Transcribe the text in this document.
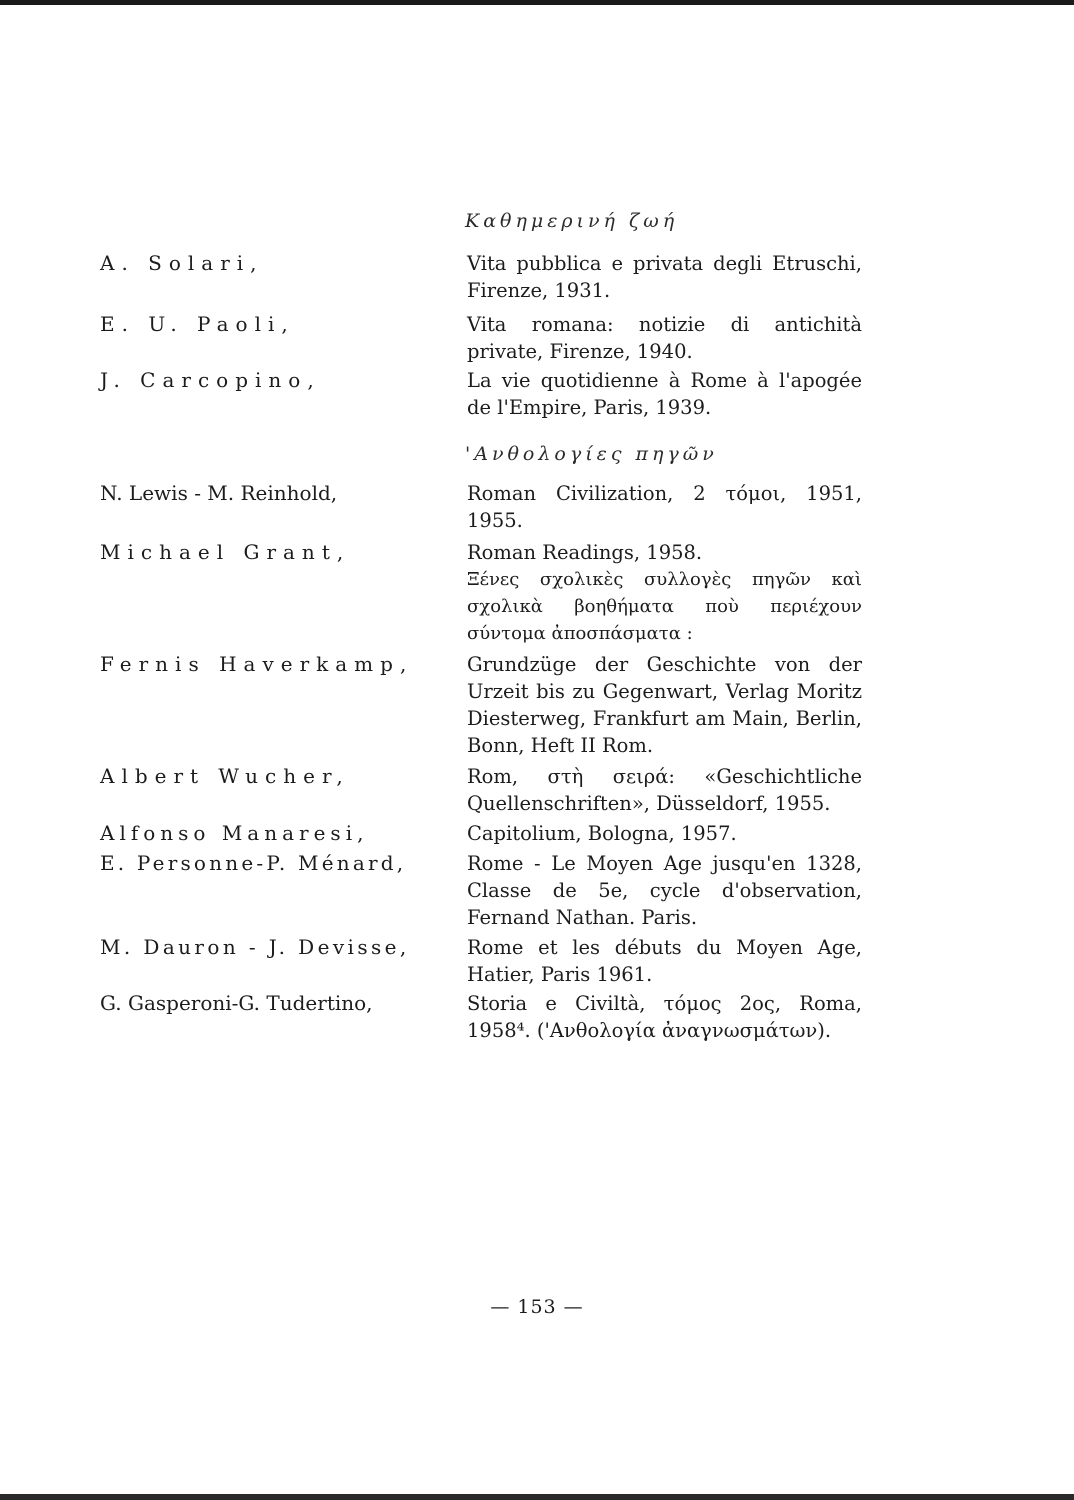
Καθημερινή ζωή
A. Solari,	Vita pubblica e privata degli Etruschi, Firenze, 1931.
E. U. Paoli,	Vita romana: notizie di antichità private, Firenze, 1940.
J. Carcopino,	La vie quotidienne à Rome à l'apogée de l'Empire, Paris, 1939.
'Ανθολογίες πηγῶν
N. Lewis - M. Reinhold,	Roman Civilization, 2 τόμοι, 1951, 1955.
Michael Grant,	Roman Readings, 1958.
Ξένες σχολικὲς συλλογὲς πηγῶν καὶ σχολικὰ βοηθήματα ποὺ περιέχουν σύντομα ἀποσπάσματα :
Fernis Haverkamp,	Grundzüge der Geschichte von der Urzeit bis zu Gegenwart, Verlag Moritz Diesterweg, Frankfurt am Main, Berlin, Bonn, Heft II Rom.
Albert Wucher,	Rom, στὴ σειρά: «Geschichtliche Quellenschriften», Düsseldorf, 1955.
Alfonso Manaresi,	Capitolium, Bologna, 1957.
E. Personne-P. Ménard,	Rome - Le Moyen Age jusqu'en 1328, Classe de 5e, cycle d'observation, Fernand Nathan. Paris.
M. Dauron - J. Devisse,	Rome et les débuts du Moyen Age, Hatier, Paris 1961.
G. Gasperoni-G. Tudertino,	Storia e Civiltà, τόμος 2ος, Roma, 1958⁴. ('Ανθολογία ἀναγνωσμάτων).
— 153 —
